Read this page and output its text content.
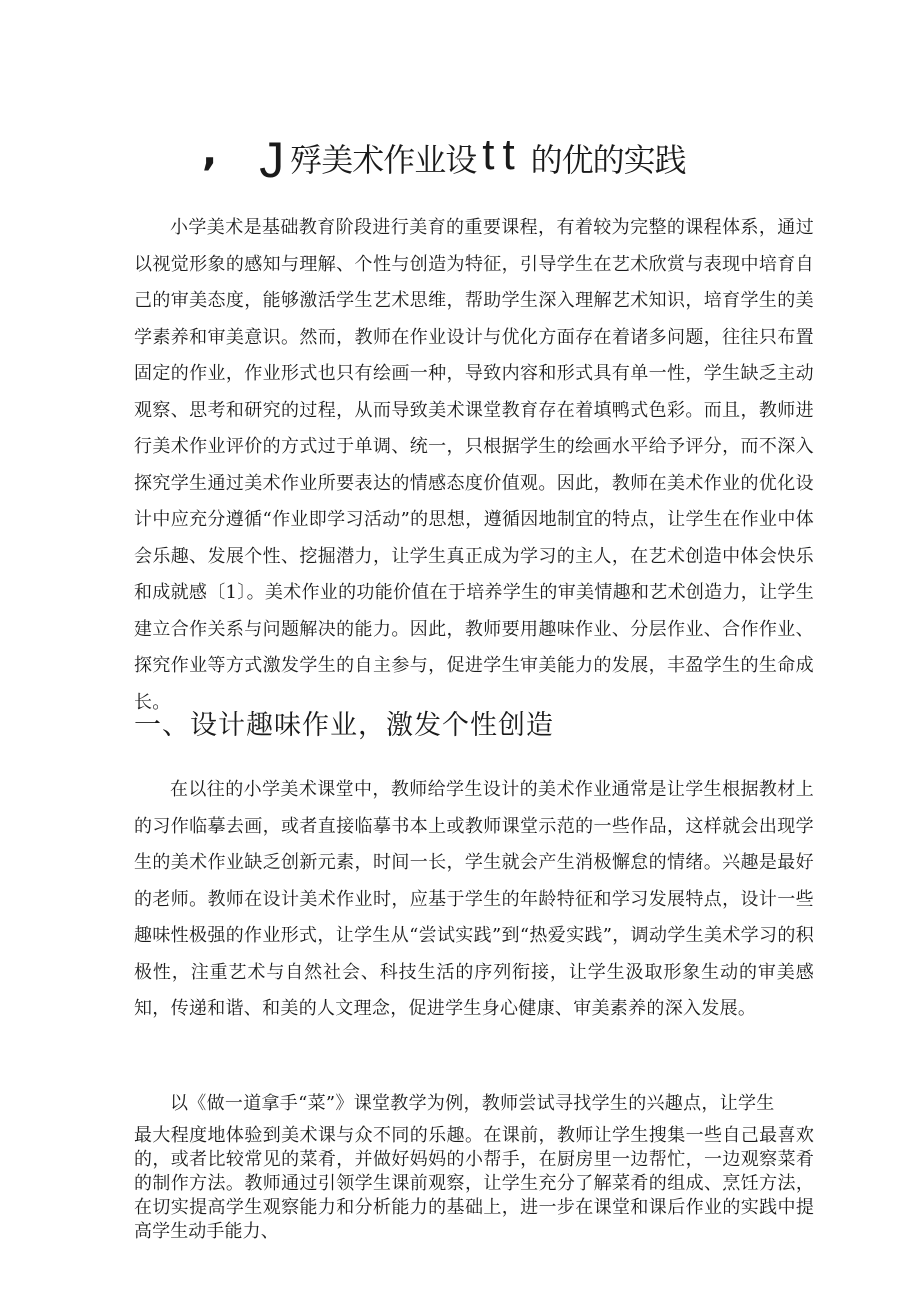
, J 殍美术作业设 tt 的优的实践

小学美术是基础教育阶段进行美育的重要课程，有着较为完整的课程体系，通过以视觉形象的感知与理解、个性与创造为特征，引导学生在艺术欣赏与表现中培育自己的审美态度，能够激活学生艺术思维，帮助学生深入理解艺术知识，培育学生的美学素养和审美意识。然而，教师在作业设计与优化方面存在着诸多问题，往往只布置固定的作业，作业形式也只有绘画一种，导致内容和形式具有单一性，学生缺乏主动观察、思考和研究的过程，从而导致美术课堂教育存在着填鸭式色彩。而且，教师进行美术作业评价的方式过于单调、统一，只根据学生的绘画水平给予评分，而不深入探究学生通过美术作业所要表达的情感态度价值观。因此，教师在美术作业的优化设计中应充分遵循“作业即学习活动”的思想，遵循因地制宜的特点，让学生在作业中体会乐趣、发展个性、挖掘潜力，让学生真正成为学习的主人，在艺术创造中体会快乐和成就感〔1〕。美术作业的功能价值在于培养学生的审美情趣和艺术创造力，让学生建立合作关系与问题解决的能力。因此，教师要用趣味作业、分层作业、合作作业、探究作业等方式激发学生的自主参与，促进学生审美能力的发展，丰盈学生的生命成长。

一、设计趣味作业，激发个性创造

在以往的小学美术课堂中，教师给学生设计的美术作业通常是让学生根据教材上的习作临摹去画，或者直接临摹书本上或教师课堂示范的一些作品，这样就会出现学生的美术作业缺乏创新元素，时间一长，学生就会产生消极懈怠的情绪。兴趣是最好的老师。教师在设计美术作业时，应基于学生的年龄特征和学习发展特点，设计一些趣味性极强的作业形式，让学生从“尝试实践”到“热爱实践”，调动学生美术学习的积极性，注重艺术与自然社会、科技生活的序列衔接，让学生汲取形象生动的审美感知，传递和谐、和美的人文理念，促进学生身心健康、审美素养的深入发展。

以《做一道拿手“菜”》课堂教学为例，教师尝试寻找学生的兴趣点，让学生

最大程度地体验到美术课与众不同的乐趣。在课前，教师让学生搜集一些自己最喜欢的，或者比较常见的菜肴，并做好妈妈的小帮手，在厨房里一边帮忙，一边观察菜肴的制作方法。教师通过引领学生课前观察，让学生充分了解菜肴的组成、烹饪方法，在切实提高学生观察能力和分析能力的基础上，进一步在课堂和课后作业的实践中提高学生动手能力、
